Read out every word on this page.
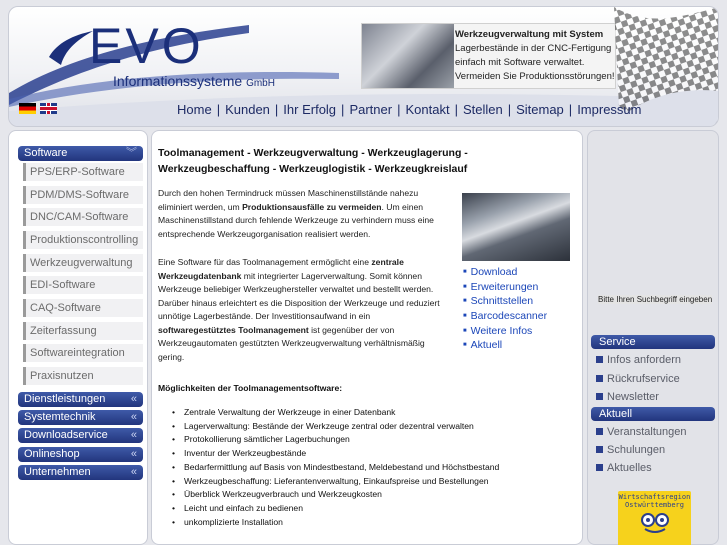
EVO
Informationssysteme GmbH
Werkzeugverwaltung mit System
Lagerbestände in der CNC-Fertigung
einfach mit Software verwaltet.
Vermeiden Sie Produktionsstörungen!

Home | Kunden | Ihr Erfolg | Partner | Kontakt | Stellen | Sitemap | Impressum
Software	︾
PPS/ERP-Software
PDM/DMS-Software
DNC/CAM-Software
Produktionscontrolling
Werkzeugverwaltung
EDI-Software
CAQ-Software
Zeiterfassung
Softwareintegration
Praxisnutzen
Dienstleistungen «
Systemtechnik	«
Downloadservice «
Onlineshop	«
Unternehmen	«
Toolmanagement - Werkzeugverwaltung - Werkzeuglagerung - Werkzeugbeschaffung - Werkzeuglogistik - Werkzeugkreislauf
Durch den hohen Termindruck müssen Maschinenstillstände nahezu eliminiert werden, um Produktionsausfälle zu vermeiden. Um einen Maschinenstillstand durch fehlende Werkzeuge zu verhindern muss eine entsprechende Werkzeugorganisation realisiert werden.
■ Download
■ Erweiterungen
■ Schnittstellen
■ Barcodescanner
■ Weitere Infos
■ Aktuell
Eine Software für das Toolmanagement ermöglicht eine zentrale Werkzeugdatenbank mit integrierter Lagerverwaltung. Somit können Werkzeuge beliebiger Werkzeughersteller verwaltet und bestellt werden. Darüber hinaus erleichtert es die Disposition der Werkzeuge und reduziert unnötige Lagerbestände. Der Investitionsaufwand in ein softwaregestütztes Toolmanagement ist gegenüber der von Werkzeugautomaten gestützten Werkzeugverwaltung verhältnismäßig gering.
Möglichkeiten der Toolmanagementsoftware:
• Zentrale Verwaltung der Werkzeuge in einer Datenbank
• Lagerverwaltung: Bestände der Werkzeuge zentral oder dezentral verwalten
• Protokollierung sämtlicher Lagerbuchungen
• Inventur der Werkzeugbestände
• Bedarfermittlung auf Basis von Mindestbestand, Meldebestand und Höchstbestand
• Werkzeugbeschaffung: Lieferantenverwaltung, Einkaufspreise und Bestellungen
• Überblick Werkzeugverbrauch und Werkzeugkosten
• Leicht und einfach zu bedienen
• unkomplizierte Installation
Bitte Ihren Suchbegriff eingeben
Service
Infos anfordern
Rückrufservice
Newsletter
Aktuell
Veranstaltungen
Schulungen
Aktuelles
Wirtschaftsregion
Ostwürttemberg
